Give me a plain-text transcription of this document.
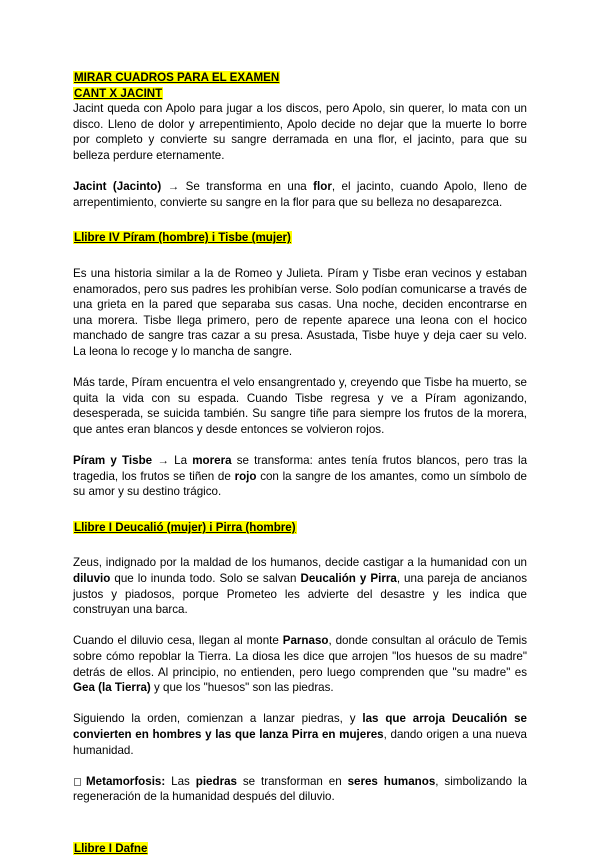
MIRAR CUADROS PARA EL EXAMEN
CANT X JACINT

Jacint queda con Apolo para jugar a los discos, pero Apolo, sin querer, lo mata con un disco. Lleno de dolor y arrepentimiento, Apolo decide no dejar que la muerte lo borre por completo y convierte su sangre derramada en una flor, el jacinto, para que su belleza perdure eternamente.

Jacint (Jacinto) → Se transforma en una flor, el jacinto, cuando Apolo, lleno de arrepentimiento, convierte su sangre en la flor para que su belleza no desaparezca.

Llibre IV Píram (hombre) i Tisbe (mujer)

Es una historia similar a la de Romeo y Julieta. Píram y Tisbe eran vecinos y estaban enamorados, pero sus padres les prohibían verse. Solo podían comunicarse a través de una grieta en la pared que separaba sus casas. Una noche, deciden encontrarse en una morera. Tisbe llega primero, pero de repente aparece una leona con el hocico manchado de sangre tras cazar a su presa. Asustada, Tisbe huye y deja caer su velo. La leona lo recoge y lo mancha de sangre.

Más tarde, Píram encuentra el velo ensangrentado y, creyendo que Tisbe ha muerto, se quita la vida con su espada. Cuando Tisbe regresa y ve a Píram agonizando, desesperada, se suicida también. Su sangre tiñe para siempre los frutos de la morera, que antes eran blancos y desde entonces se volvieron rojos.

Píram y Tisbe → La morera se transforma: antes tenía frutos blancos, pero tras la tragedia, los frutos se tiñen de rojo con la sangre de los amantes, como un símbolo de su amor y su destino trágico.

Llibre I Deucalió (mujer) i Pirra (hombre)

Zeus, indignado por la maldad de los humanos, decide castigar a la humanidad con un diluvio que lo inunda todo. Solo se salvan Deucalión y Pirra, una pareja de ancianos justos y piadosos, porque Prometeo les advierte del desastre y les indica que construyan una barca.

Cuando el diluvio cesa, llegan al monte Parnaso, donde consultan al oráculo de Temis sobre cómo repoblar la Tierra. La diosa les dice que arrojen "los huesos de su madre" detrás de ellos. Al principio, no entienden, pero luego comprenden que "su madre" es Gea (la Tierra) y que los "huesos" son las piedras.

Siguiendo la orden, comienzan a lanzar piedras, y las que arroja Deucalión se convierten en hombres y las que lanza Pirra en mujeres, dando origen a una nueva humanidad.

Metamorfosis: Las piedras se transforman en seres humanos, simbolizando la regeneración de la humanidad después del diluvio.

Llibre I Dafne
